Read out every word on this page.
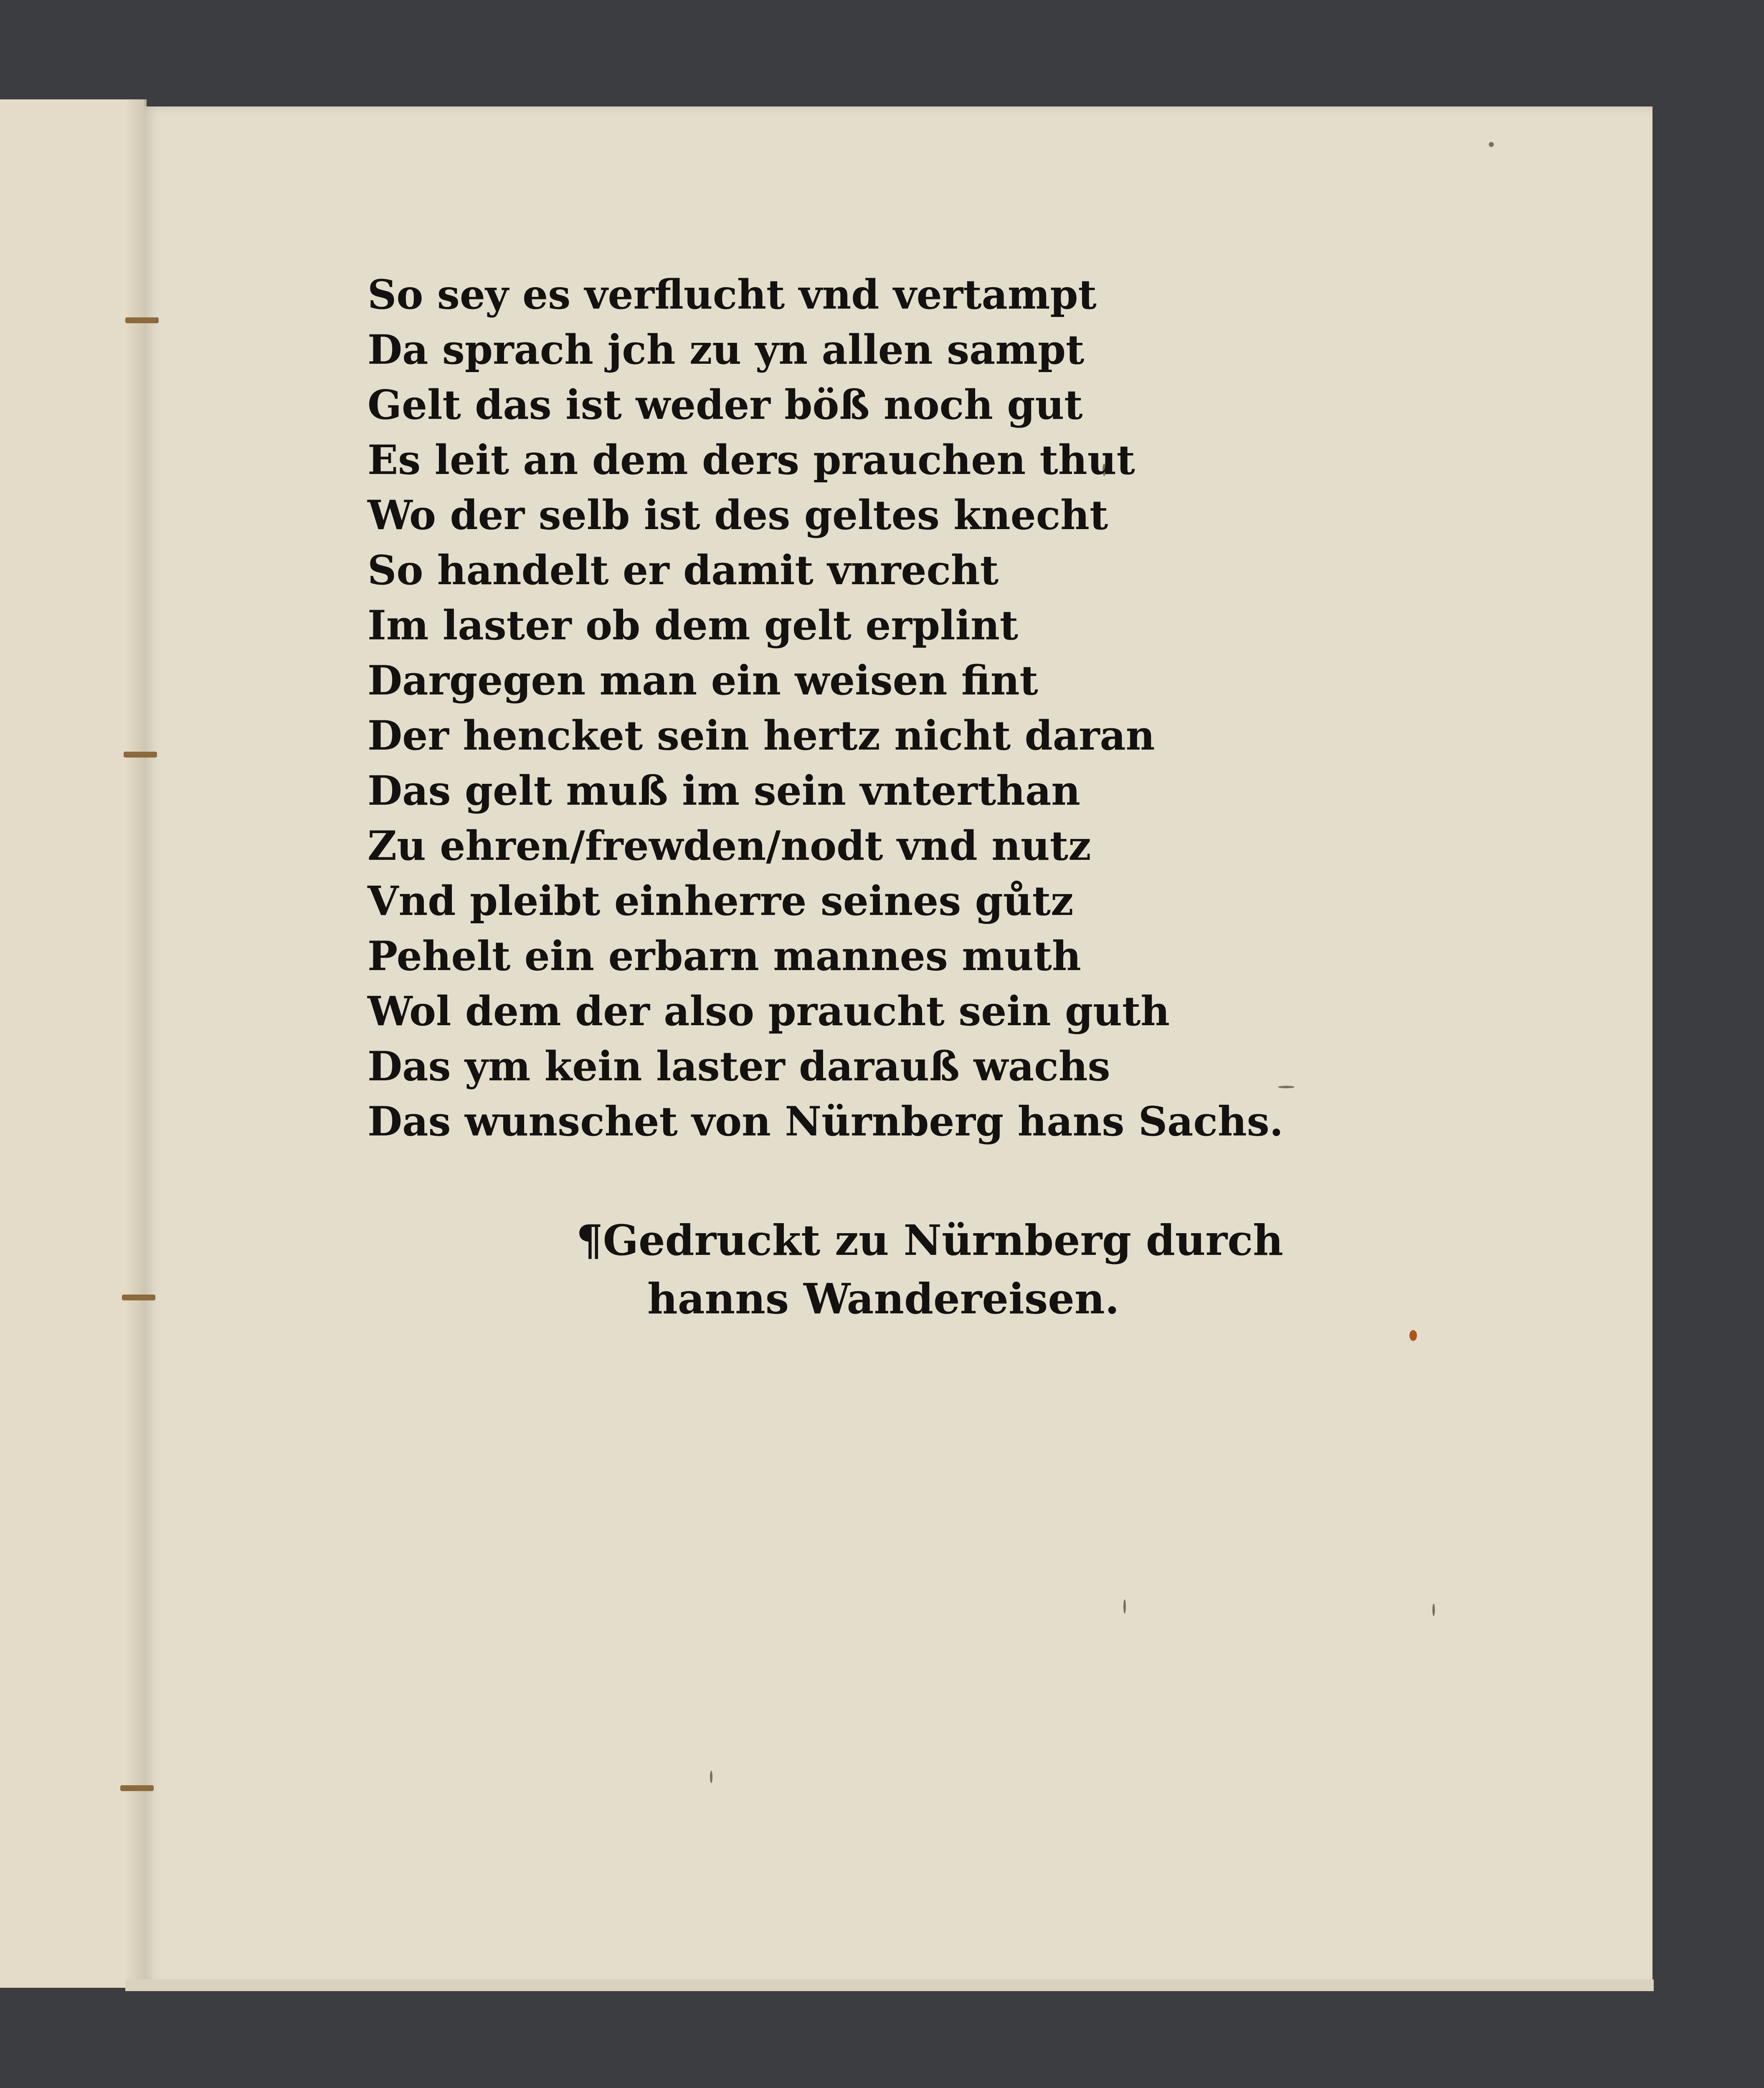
So sey es verflucht vnd vertampt
Da sprach jch zu yn allen sampt
Gelt das ist weder böß noch gut
Es leit an dem ders prauchen thut
Wo der selb ist des geltes knecht
So handelt er damit vnrecht
Im laster ob dem gelt erplint
Dargegen man ein weisen fint
Der hencket sein hertz nicht daran
Das gelt muß im sein vnterthan
Zu ehren/frewden/nodt vnd nutz
Vnd pleibt einherre seines gůtz
Pehelt ein erbarn mannes muth
Wol dem der also praucht sein guth
Das ym kein laster darauß wachs
Das wunschet von Nürnberg hans Sachs.
¶Gedruckt zu Nürnberg durch
hanns Wandereisen.
